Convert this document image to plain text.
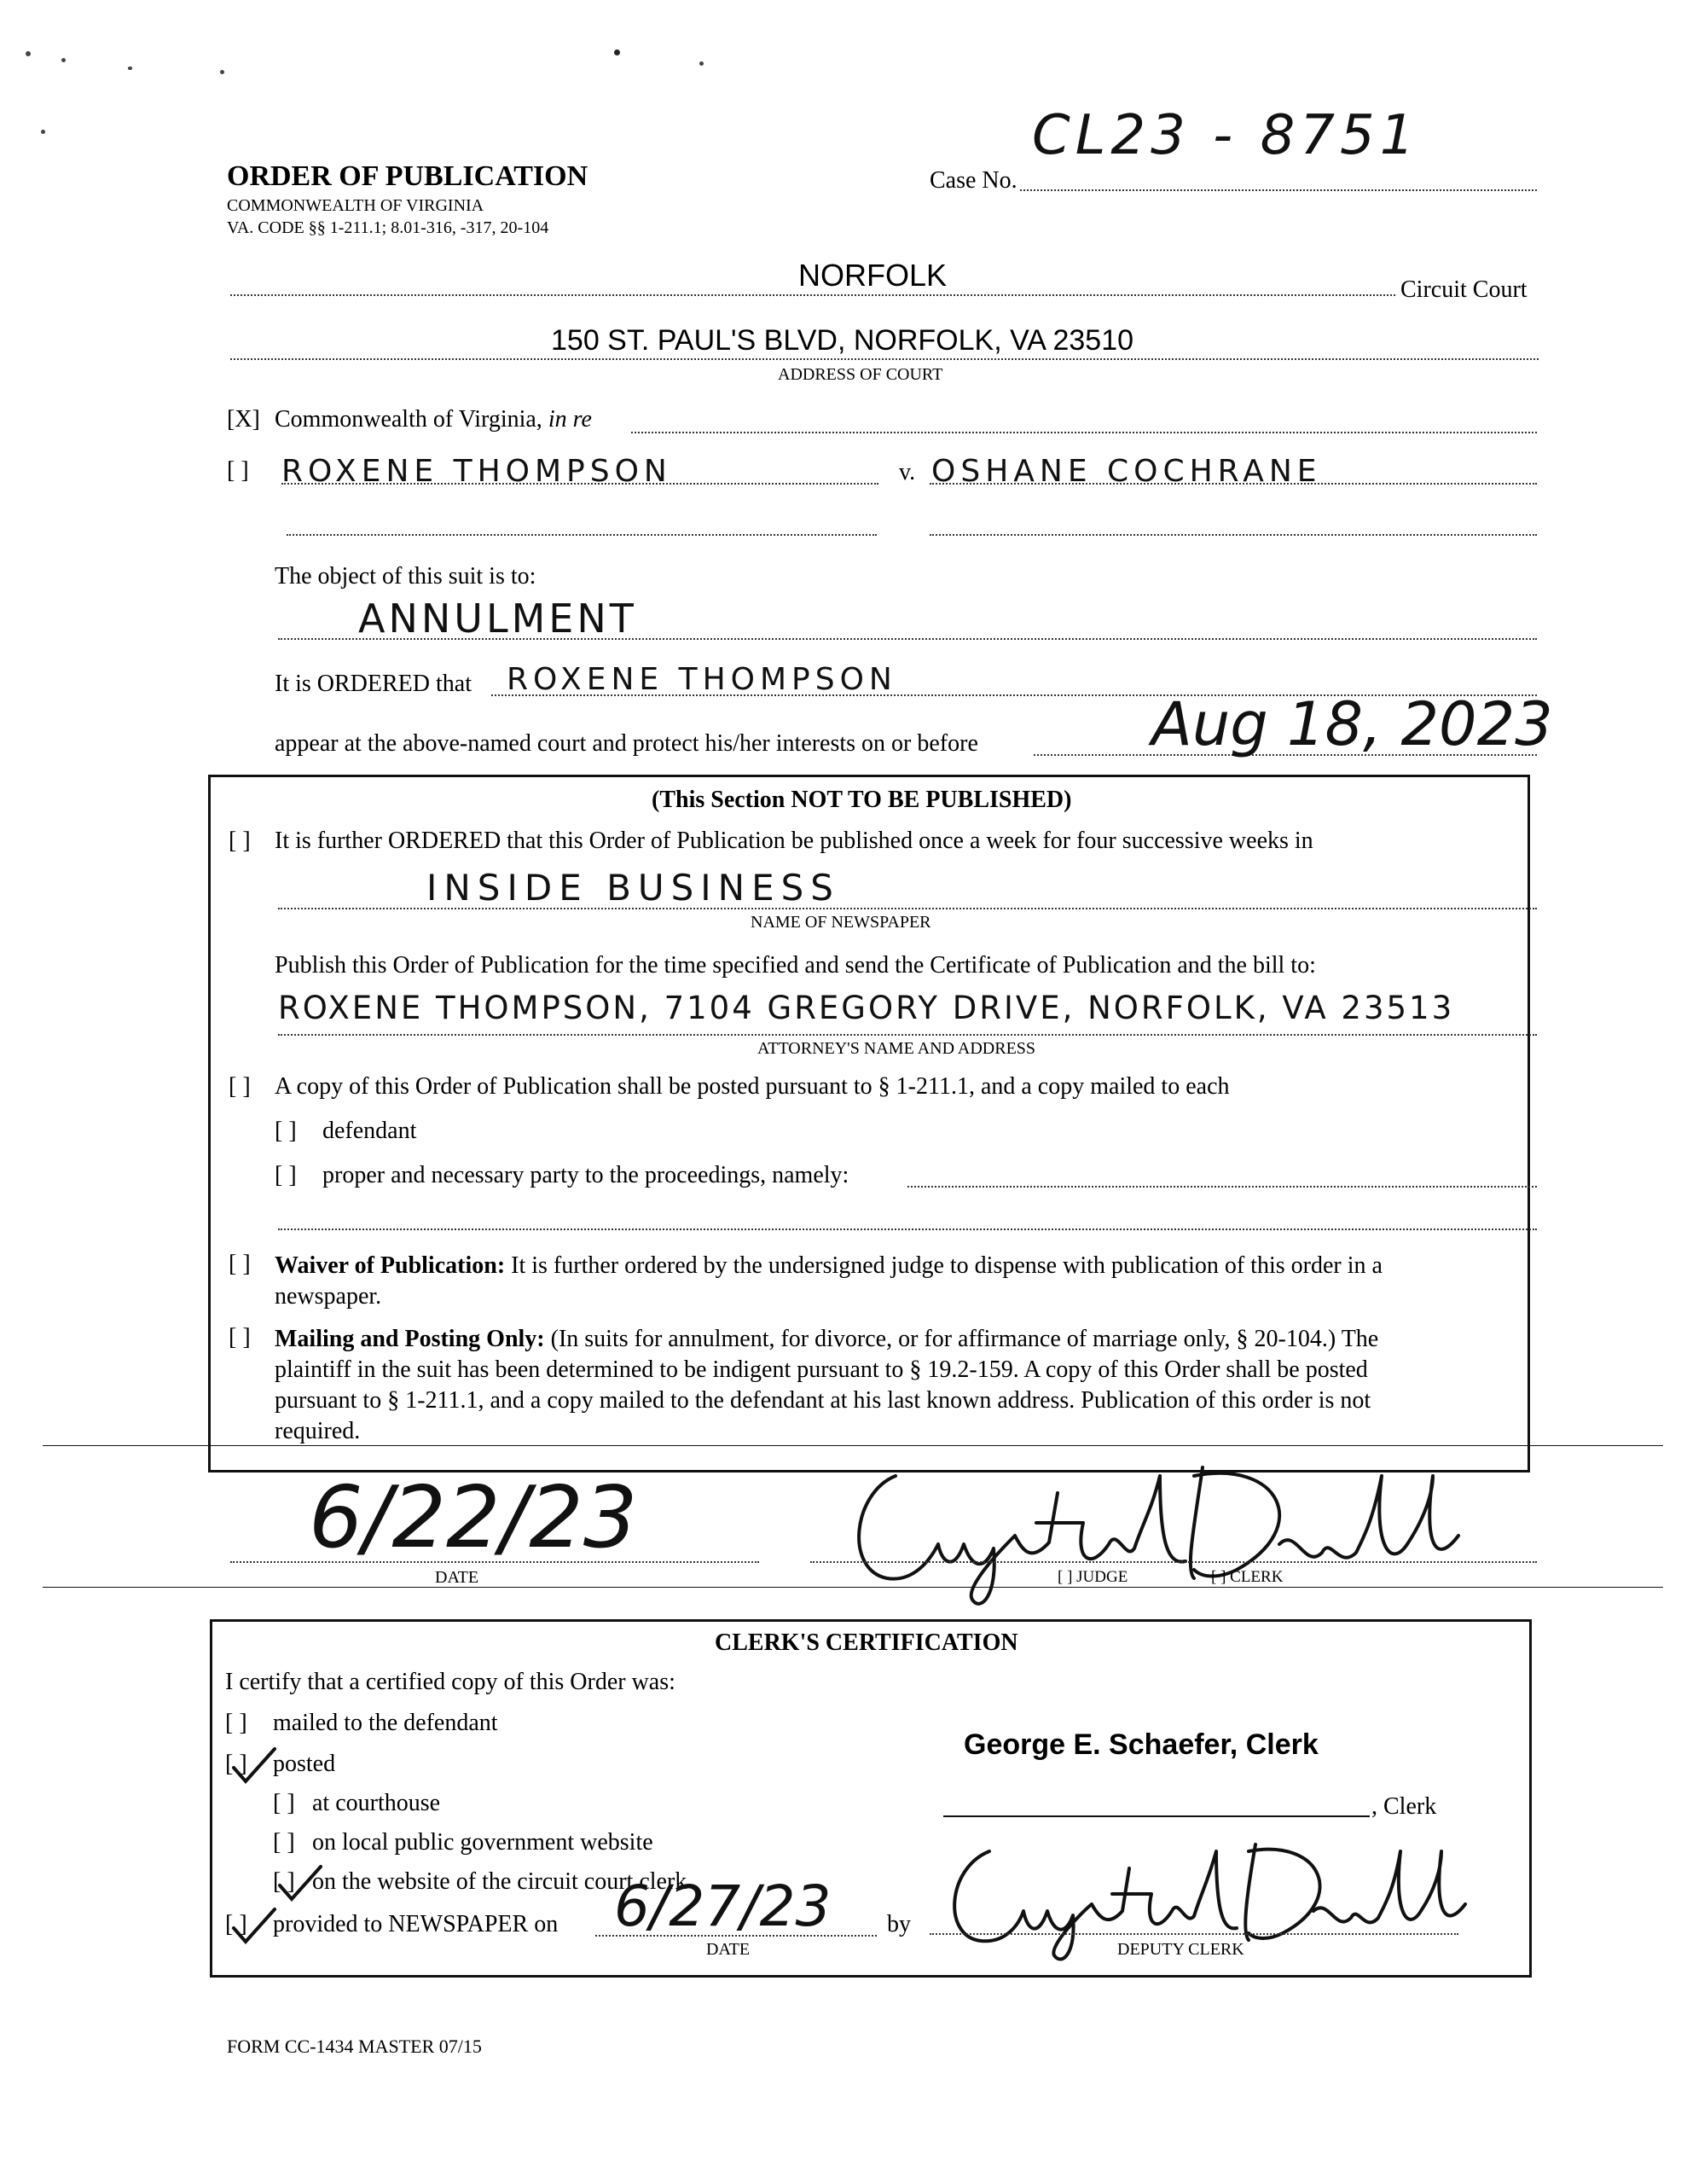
ORDER OF PUBLICATION
COMMONWEALTH OF VIRGINIA
VA. CODE §§ 1-211.1; 8.01-316, -317, 20-104
Case No.
CL23 - 8751
NORFOLK	Circuit Court
150 ST. PAUL'S BLVD, NORFOLK, VA 23510
ADDRESS OF COURT
[X] Commonwealth of Virginia, in re
[ ] ROXENE THOMPSON	v. OSHANE COCHRANE
The object of this suit is to:
ANNULMENT
It is ORDERED that ROXENE THOMPSON
appear at the above-named court and protect his/her interests on or before	Aug 18, 2023
(This Section NOT TO BE PUBLISHED)
[ ] It is further ORDERED that this Order of Publication be published once a week for four successive weeks in
INSIDE BUSINESS
NAME OF NEWSPAPER
Publish this Order of Publication for the time specified and send the Certificate of Publication and the bill to:
ROXENE THOMPSON, 7104 GREGORY DRIVE, NORFOLK, VA 23513
ATTORNEY'S NAME AND ADDRESS
[ ] A copy of this Order of Publication shall be posted pursuant to § 1-211.1, and a copy mailed to each
[ ] defendant
[ ] proper and necessary party to the proceedings, namely:
[ ] Waiver of Publication: It is further ordered by the undersigned judge to dispense with publication of this order in a
newspaper.
[ ] Mailing and Posting Only: (In suits for annulment, for divorce, or for affirmance of marriage only, § 20-104.) The
plaintiff in the suit has been determined to be indigent pursuant to § 19.2-159. A copy of this Order shall be posted
pursuant to § 1-211.1, and a copy mailed to the defendant at his last known address. Publication of this order is not
required.
6/22/23
DATE	[ ] JUDGE	[ ] CLERK
CLERK'S CERTIFICATION
I certify that a certified copy of this Order was:
[ ] mailed to the defendant
[ ] posted
[ ] at courthouse
[ ] on local public government website
[ ] on the website of the circuit court clerk
[ ] provided to NEWSPAPER on 6/27/23
DATE
by
George E. Schaefer, Clerk
, Clerk
DEPUTY CLERK
FORM CC-1434 MASTER 07/15
